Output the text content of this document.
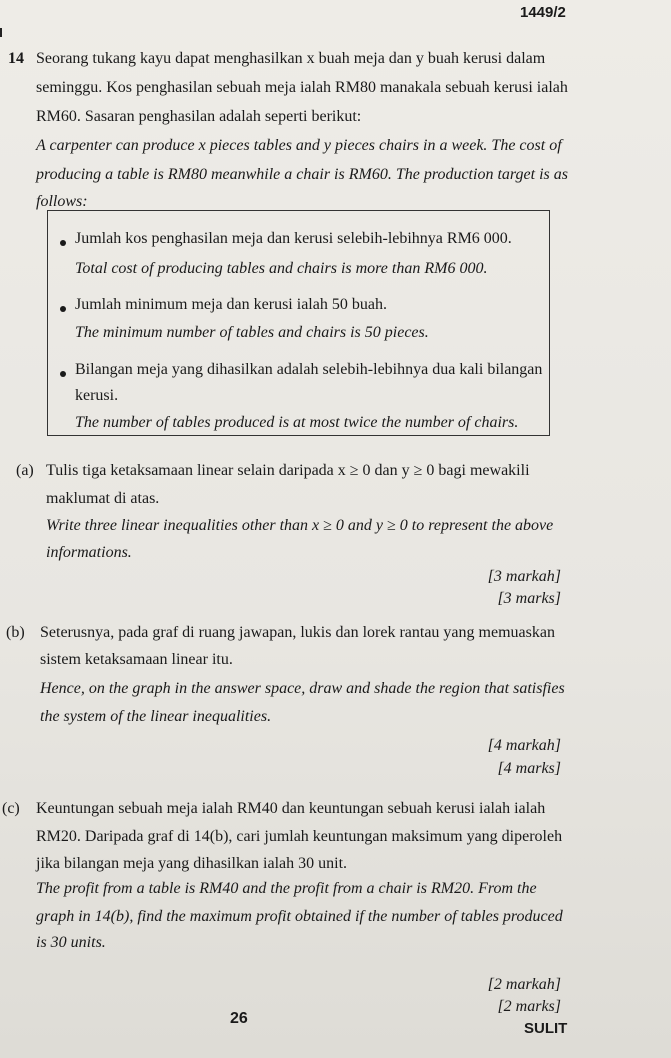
1449/2
14 Seorang tukang kayu dapat menghasilkan x buah meja dan y buah kerusi dalam
seminggu. Kos penghasilan sebuah meja ialah RM80 manakala sebuah kerusi ialah
RM60. Sasaran penghasilan adalah seperti berikut:
A carpenter can produce x pieces tables and y pieces chairs in a week. The cost of
producing a table is RM80 meanwhile a chair is RM60. The production target is as
follows:
Jumlah kos penghasilan meja dan kerusi selebih-lebihnya RM6 000.
Total cost of producing tables and chairs is more than RM6 000.
Jumlah minimum meja dan kerusi ialah 50 buah.
The minimum number of tables and chairs is 50 pieces.
Bilangan meja yang dihasilkan adalah selebih-lebihnya dua kali bilangan
kerusi.
The number of tables produced is at most twice the number of chairs.
(a) Tulis tiga ketaksamaan linear selain daripada x ≥ 0 dan y ≥ 0 bagi mewakili
maklumat di atas.
Write three linear inequalities other than x ≥ 0 and y ≥ 0 to represent the above
informations.
[3 markah]
[3 marks]
(b) Seterusnya, pada graf di ruang jawapan, lukis dan lorek rantau yang memuaskan
sistem ketaksamaan linear itu.
Hence, on the graph in the answer space, draw and shade the region that satisfies
the system of the linear inequalities.
[4 markah]
[4 marks]
(c) Keuntungan sebuah meja ialah RM40 dan keuntungan sebuah kerusi ialah ialah
RM20. Daripada graf di 14(b), cari jumlah keuntungan maksimum yang diperoleh
jika bilangan meja yang dihasilkan ialah 30 unit.
The profit from a table is RM40 and the profit from a chair is RM20. From the
graph in 14(b), find the maximum profit obtained if the number of tables produced
is 30 units.
[2 markah]
[2 marks]
26
SULIT
